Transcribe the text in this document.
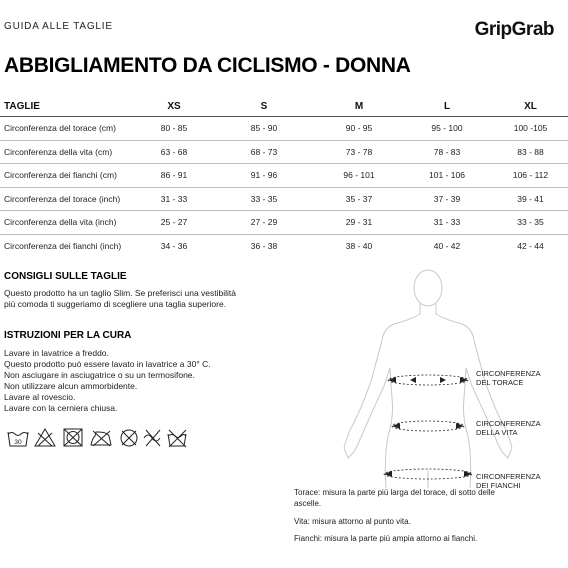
GUIDA ALLE TAGLIE	GripGrab
ABBIGLIAMENTO DA CICLISMO - DONNA
TAGLIE	XS	S	M	L	XL
Circonferenza del torace (cm)	80 - 85	85 - 90	90 - 95	95 - 100	100 -105
Circonferenza della vita (cm)	63 - 68	68 - 73	73 - 78	78 - 83	83 - 88
Circonferenza dei fianchi (cm)	86 - 91	91 - 96	96 - 101	101 - 106	106 - 112
Circonferenza del torace (inch)	31 - 33	33 - 35	35 - 37	37 - 39	39 - 41
Circonferenza della vita (inch)	25 - 27	27 - 29	29 - 31	31 - 33	33 - 35
Circonferenza dei fianchi (inch)	34 - 36	36 - 38	38 - 40	40 - 42	42 - 44
CONSIGLI SULLE TAGLIE
Questo prodotto ha un taglio Slim. Se preferisci una vestibilità
più comoda ti suggeriamo di scegliere una taglia superiore.
ISTRUZIONI PER LA CURA
Lavare in lavatrice a freddo.
Questo prodotto può essere lavato in lavatrice a 30° C.
Non asciugare in asciugatrice o su un termosifone.
Non utilizzare alcun ammorbidente.
Lavare al rovescio.
Lavare con la cerniera chiusa.
30
CIRCONFERENZA
DEL TORACE
CIRCONFERENZA
DELLA VITA
CIRCONFERENZA
DEI FIANCHI
Torace: misura la parte più larga del torace, di sotto delle
ascelle.
Vita: misura attorno al punto vita.
Fianchi: misura la parte più ampia attorno ai fianchi.
